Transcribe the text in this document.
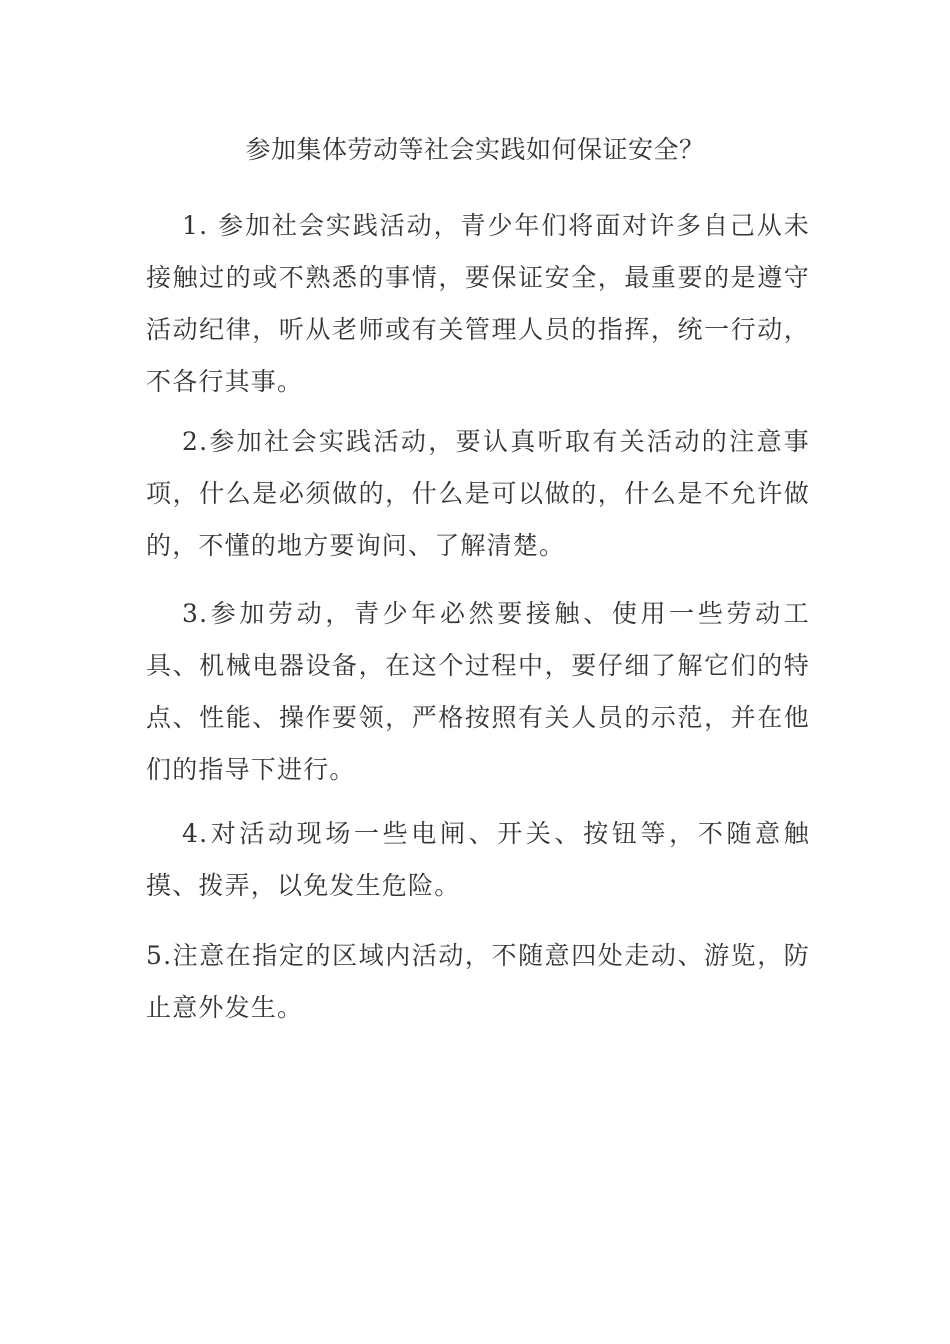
参加集体劳动等社会实践如何保证安全？

1. 参加社会实践活动，青少年们将面对许多自己从未接触过的或不熟悉的事情，要保证安全，最重要的是遵守活动纪律，听从老师或有关管理人员的指挥，统一行动，不各行其事。

2.参加社会实践活动，要认真听取有关活动的注意事项，什么是必须做的，什么是可以做的，什么是不允许做的，不懂的地方要询问、了解清楚。

3.参加劳动，青少年必然要接触、使用一些劳动工具、机械电器设备，在这个过程中，要仔细了解它们的特点、性能、操作要领，严格按照有关人员的示范，并在他们的指导下进行。

4.对活动现场一些电闸、开关、按钮等，不随意触摸、拨弄，以免发生危险。

5.注意在指定的区域内活动，不随意四处走动、游览，防止意外发生。
